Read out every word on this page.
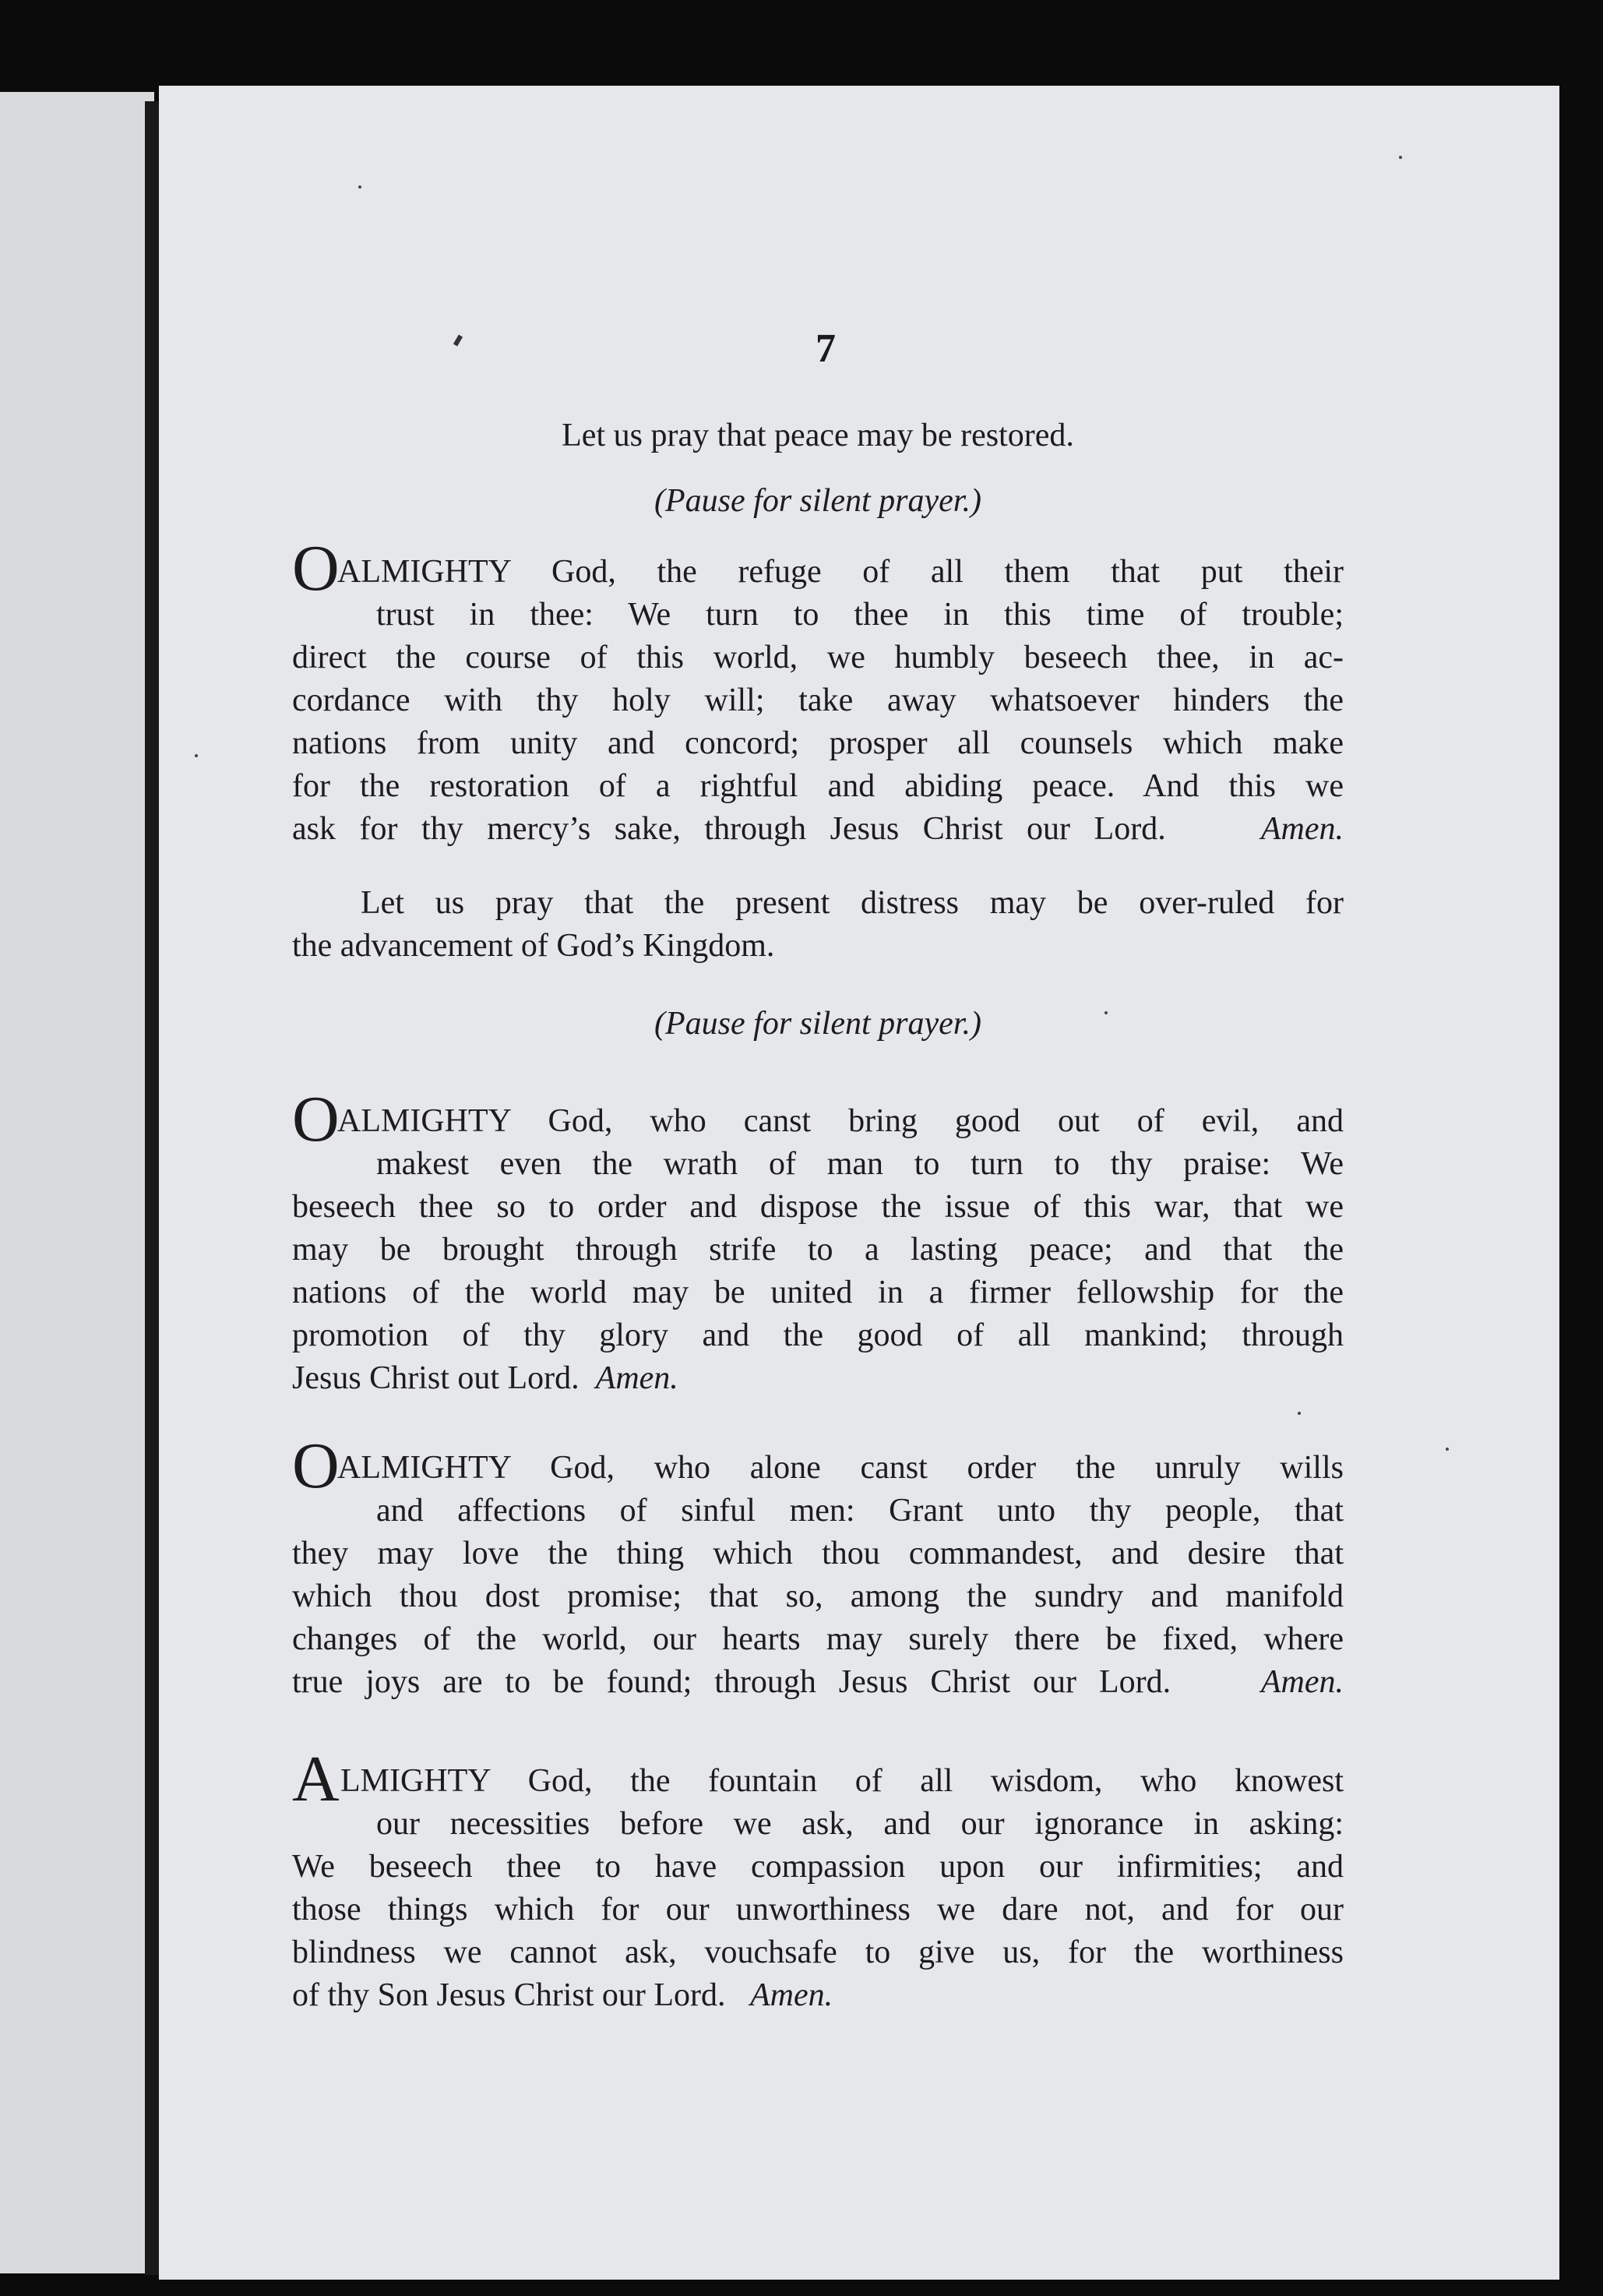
7
Let us pray that peace may be restored.
(Pause for silent prayer.)
O
ALMIGHTY God, the refuge of all them that put their
trust in thee: We turn to thee in this time of trouble;
direct the course of this world, we humbly beseech thee, in ac-
cordance with thy holy will; take away whatsoever hinders the
nations from unity and concord; prosper all counsels which make
for the restoration of a rightful and abiding peace. And this we
ask for thy mercy’s sake, through Jesus Christ our Lord.	Amen.
Let us pray that the present distress may be over-ruled for
the advancement of God’s Kingdom.
(Pause for silent prayer.)
O
ALMIGHTY God, who canst bring good out of evil, and
makest even the wrath of man to turn to thy praise: We
beseech thee so to order and dispose the issue of this war, that we
may be brought through strife to a lasting peace; and that the
nations of the world may be united in a firmer fellowship for the
promotion of thy glory and the good of all mankind; through
Jesus Christ out Lord. Amen.
O
ALMIGHTY God, who alone canst order the unruly wills
and affections of sinful men: Grant unto thy people, that
they may love the thing which thou commandest, and desire that
which thou dost promise; that so, among the sundry and manifold
changes of the world, our hearts may surely there be fixed, where
true joys are to be found; through Jesus Christ our Lord.	Amen.
A LMIGHTY God, the fountain of all wisdom, who knowest
our necessities before we ask, and our ignorance in asking:
We beseech thee to have compassion upon our infirmities; and
those things which for our unworthiness we dare not, and for our
blindness we cannot ask, vouchsafe to give us, for the worthiness
of thy Son Jesus Christ our Lord. Amen.
